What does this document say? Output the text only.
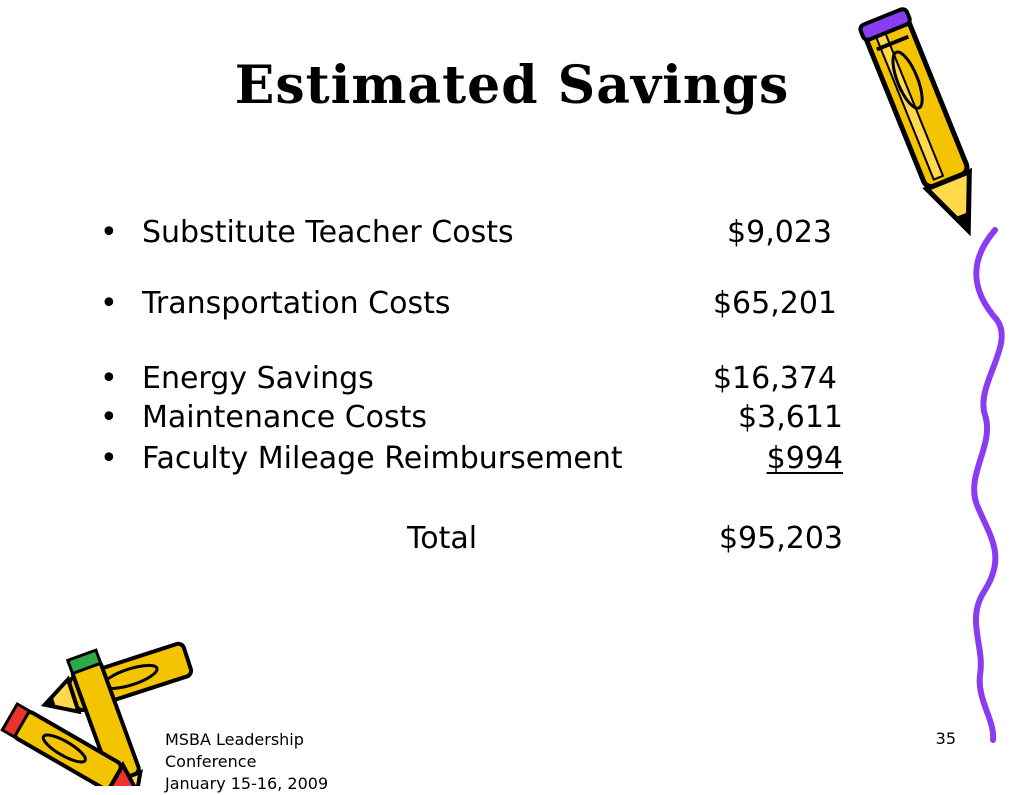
Estimated Savings
• Substitute Teacher Costs	$9,023
• Transportation Costs	$65,201
• Energy Savings	$16,374
• Maintenance Costs	$3,611
• Faculty Mileage Reimbursement	$994
Total	$95,203
MSBA Leadership
Conference
January 15-16, 2009
35
